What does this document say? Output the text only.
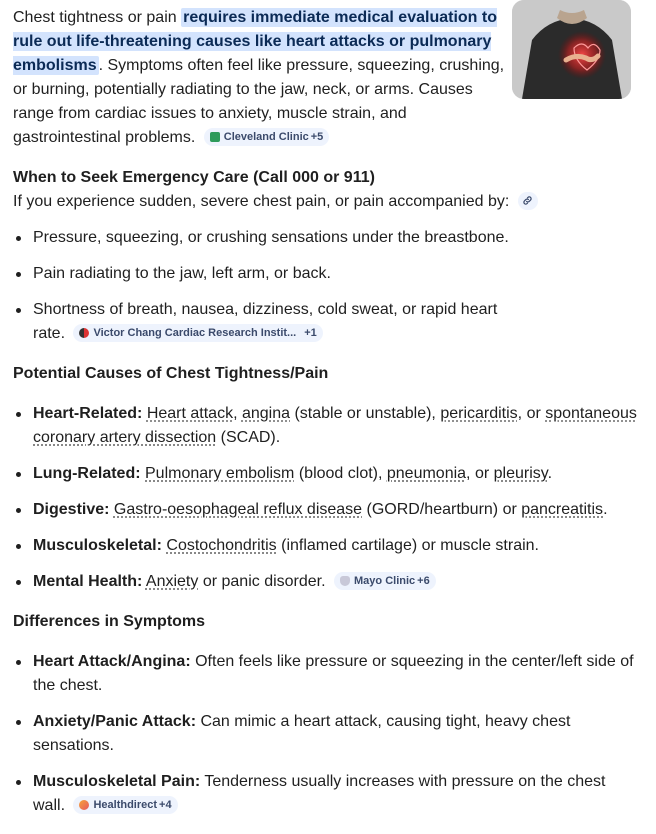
Chest tightness or pain requires immediate medical evaluation to rule out life-threatening causes like heart attacks or pulmonary embolisms . Symptoms often feel like pressure, squeezing, crushing, or burning, potentially radiating to the jaw, neck, or arms. Causes range from cardiac issues to anxiety, muscle strain, and gastrointestinal problems.	Cleveland Clinic +5

When to Seek Emergency Care (Call 000 or 911)

If you experience sudden, severe chest pain, or pain accompanied by:

Pressure, squeezing, or crushing sensations under the breastbone.
Pain radiating to the jaw, left arm, or back.
Shortness of breath, nausea, dizziness, cold sweat, or rapid heart rate.	Victor Chang Cardiac Research Instit... +1
Potential Causes of Chest Tightness/Pain
Heart-Related: Heart attack, angina (stable or unstable), pericarditis, or spontaneous coronary artery dissection (SCAD).
Lung-Related: Pulmonary embolism (blood clot), pneumonia, or pleurisy.
Digestive: Gastro-oesophageal reflux disease (GORD/heartburn) or pancreatitis.
Musculoskeletal: Costochondritis (inflamed cartilage) or muscle strain.
Mental Health: Anxiety or panic disorder.	Mayo Clinic +6
Differences in Symptoms
Heart Attack/Angina: Often feels like pressure or squeezing in the center/left side of the chest.
Anxiety/Panic Attack: Can mimic a heart attack, causing tight, heavy chest sensations.
Musculoskeletal Pain: Tenderness usually increases with pressure on the chest wall.	Healthdirect +4
